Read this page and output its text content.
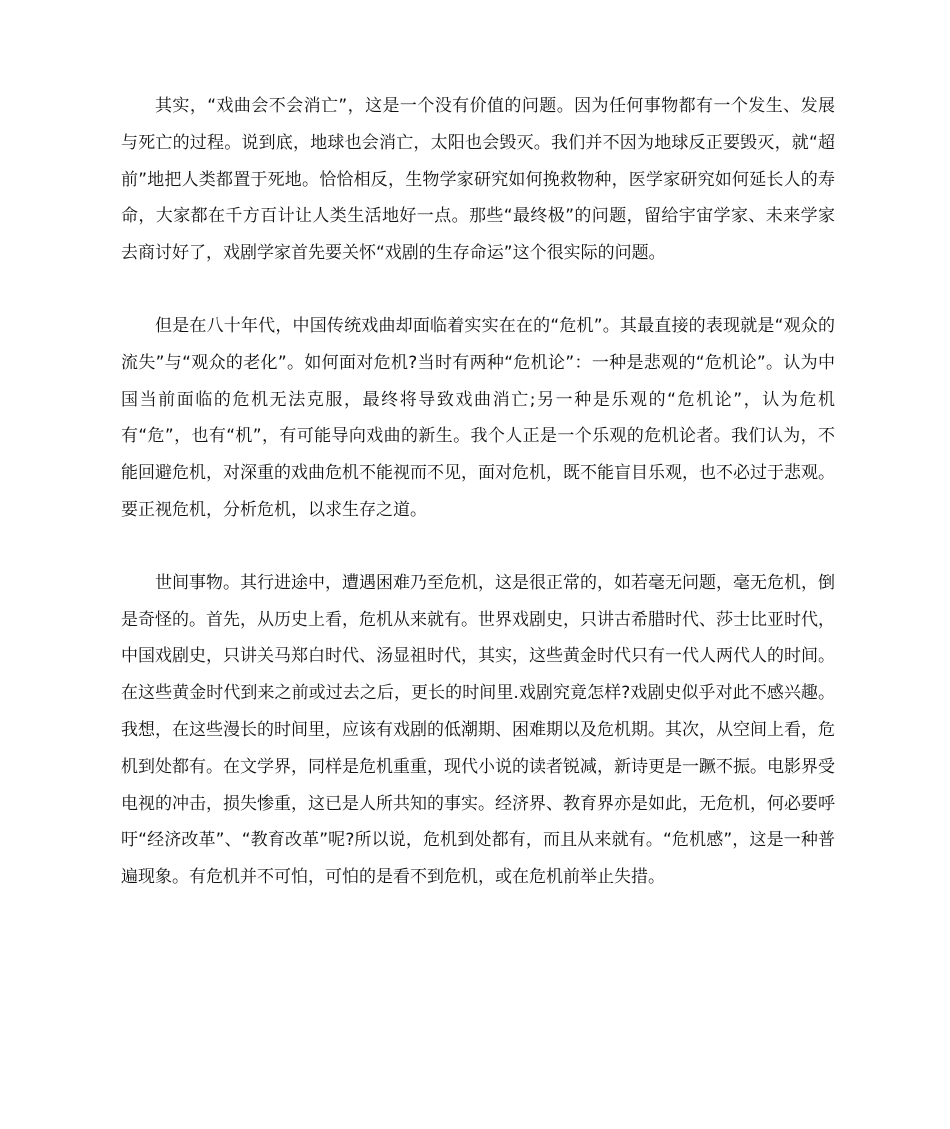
其实，“戏曲会不会消亡”，这是一个没有价值的问题。因为任何事物都有一个发生、发展与死亡的过程。说到底，地球也会消亡，太阳也会毁灭。我们并不因为地球反正要毁灭，就“超前”地把人类都置于死地。恰恰相反，生物学家研究如何挽救物种，医学家研究如何延长人的寿命，大家都在千方百计让人类生活地好一点。那些“最终极”的问题，留给宇宙学家、未来学家去商讨好了，戏剧学家首先要关怀“戏剧的生存命运”这个很实际的问题。

但是在八十年代，中国传统戏曲却面临着实实在在的“危机”。其最直接的表现就是“观众的流失”与“观众的老化”。如何面对危机?当时有两种“危机论”：一种是悲观的“危机论”。认为中国当前面临的危机无法克服，最终将导致戏曲消亡;另一种是乐观的“危机论”，认为危机有“危”，也有“机”，有可能导向戏曲的新生。我个人正是一个乐观的危机论者。我们认为，不能回避危机，对深重的戏曲危机不能视而不见，面对危机，既不能盲目乐观，也不必过于悲观。要正视危机，分析危机，以求生存之道。

世间事物。其行进途中，遭遇困难乃至危机，这是很正常的，如若毫无问题，毫无危机，倒是奇怪的。首先，从历史上看，危机从来就有。世界戏剧史，只讲古希腊时代、莎士比亚时代，中国戏剧史，只讲关马郑白时代、汤显祖时代，其实，这些黄金时代只有一代人两代人的时间。在这些黄金时代到来之前或过去之后，更长的时间里.戏剧究竟怎样?戏剧史似乎对此不感兴趣。我想，在这些漫长的时间里，应该有戏剧的低潮期、困难期以及危机期。其次，从空间上看，危机到处都有。在文学界，同样是危机重重，现代小说的读者锐减，新诗更是一蹶不振。电影界受电视的冲击，损失惨重，这已是人所共知的事实。经济界、教育界亦是如此，无危机，何必要呼吁“经济改革”、“教育改革”呢?所以说，危机到处都有，而且从来就有。“危机感”，这是一种普遍现象。有危机并不可怕，可怕的是看不到危机，或在危机前举止失措。
